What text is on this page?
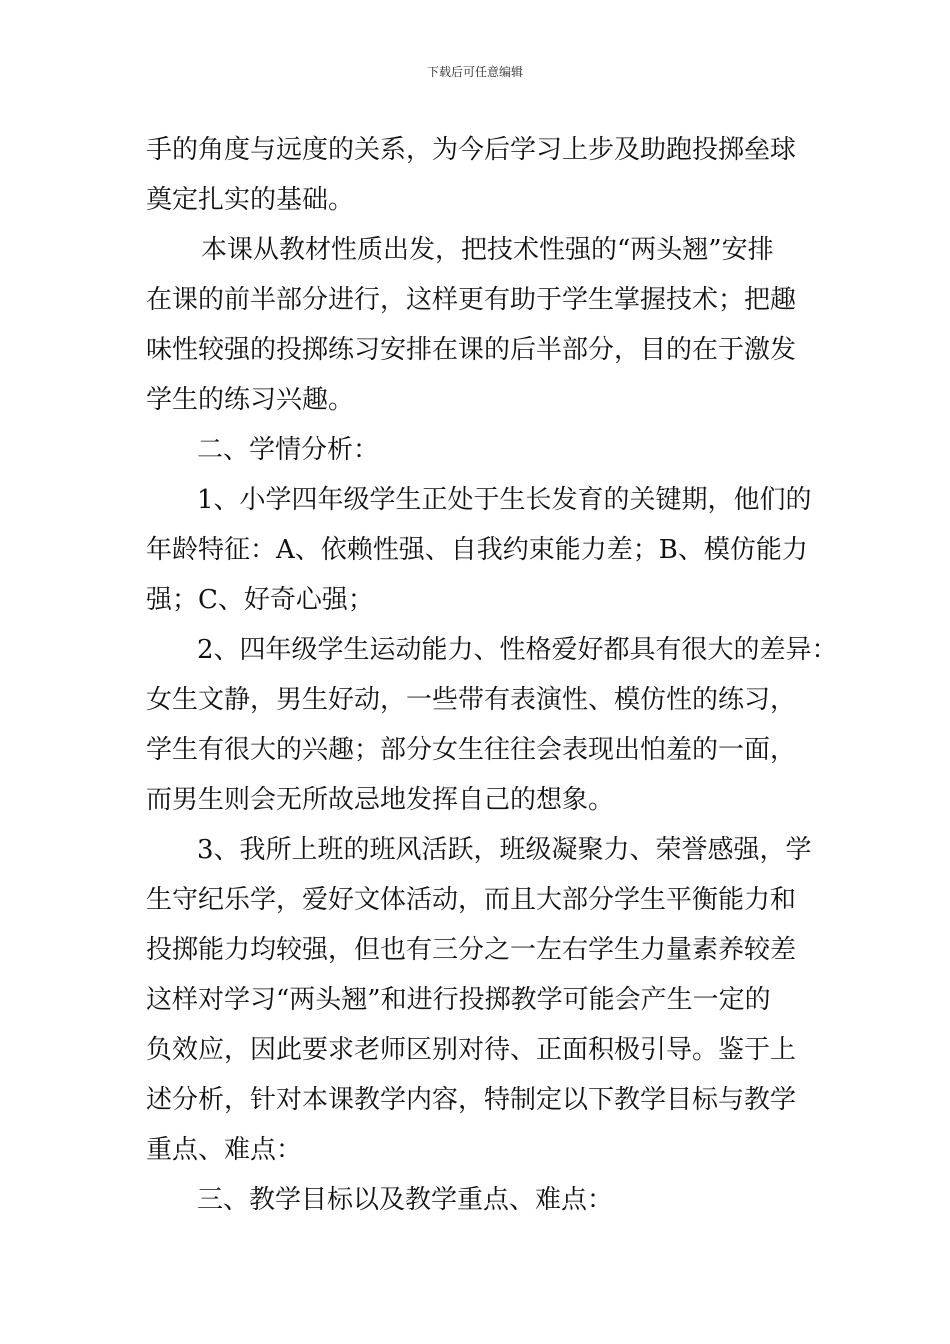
下载后可任意编辑
手的角度与远度的关系，为今后学习上步及助跑投掷垒球
奠定扎实的基础。
本课从教材性质出发，把技术性强的“两头翘”安排
在课的前半部分进行，这样更有助于学生掌握技术；把趣
味性较强的投掷练习安排在课的后半部分，目的在于激发
学生的练习兴趣。
二、学情分析：
1、小学四年级学生正处于生长发育的关键期，他们的
年龄特征：A、依赖性强、自我约束能力差；B、模仿能力
强；C、好奇心强；
2、四年级学生运动能力、性格爱好都具有很大的差异：
女生文静，男生好动，一些带有表演性、模仿性的练习，
学生有很大的兴趣；部分女生往往会表现出怕羞的一面，
而男生则会无所故忌地发挥自己的想象。
3、我所上班的班风活跃，班级凝聚力、荣誉感强，学
生守纪乐学，爱好文体活动，而且大部分学生平衡能力和
投掷能力均较强，但也有三分之一左右学生力量素养较差
这样对学习“两头翘”和进行投掷教学可能会产生一定的
负效应，因此要求老师区别对待、正面积极引导。鉴于上
述分析，针对本课教学内容，特制定以下教学目标与教学
重点、难点：
三、教学目标以及教学重点、难点：
